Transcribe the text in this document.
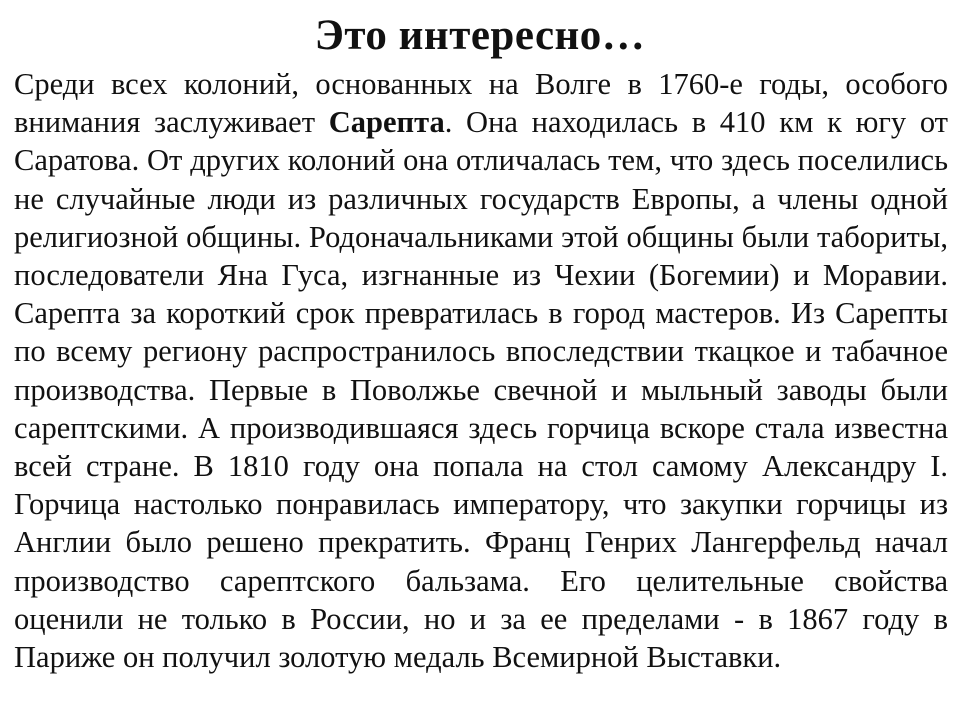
Это интересно…
Среди всех колоний, основанных на Волге в 1760-е годы, особого внимания заслуживает Сарепта. Она находилась в 410 км к югу от Саратова. От других колоний она отличалась тем, что здесь поселились не случайные люди из различных государств Европы, а члены одной религиозной общины. Родоначальниками этой общины были табориты, последователи Яна Гуса, изгнанные из Чехии (Богемии) и Моравии. Сарепта за короткий срок превратилась в город мастеров. Из Сарепты по всему региону распространилось впоследствии ткацкое и табачное производства. Первые в Поволжье свечной и мыльный заводы были сарептскими. А производившаяся здесь горчица вскоре стала известна всей стране. В 1810 году она попала на стол самому Александру I. Горчица настолько понравилась императору, что закупки горчицы из Англии было решено прекратить. Франц Генрих Лангерфельд начал производство сарептского бальзама. Его целительные свойства оценили не только в России, но и за ее пределами - в 1867 году в Париже он получил золотую медаль Всемирной Выставки.
